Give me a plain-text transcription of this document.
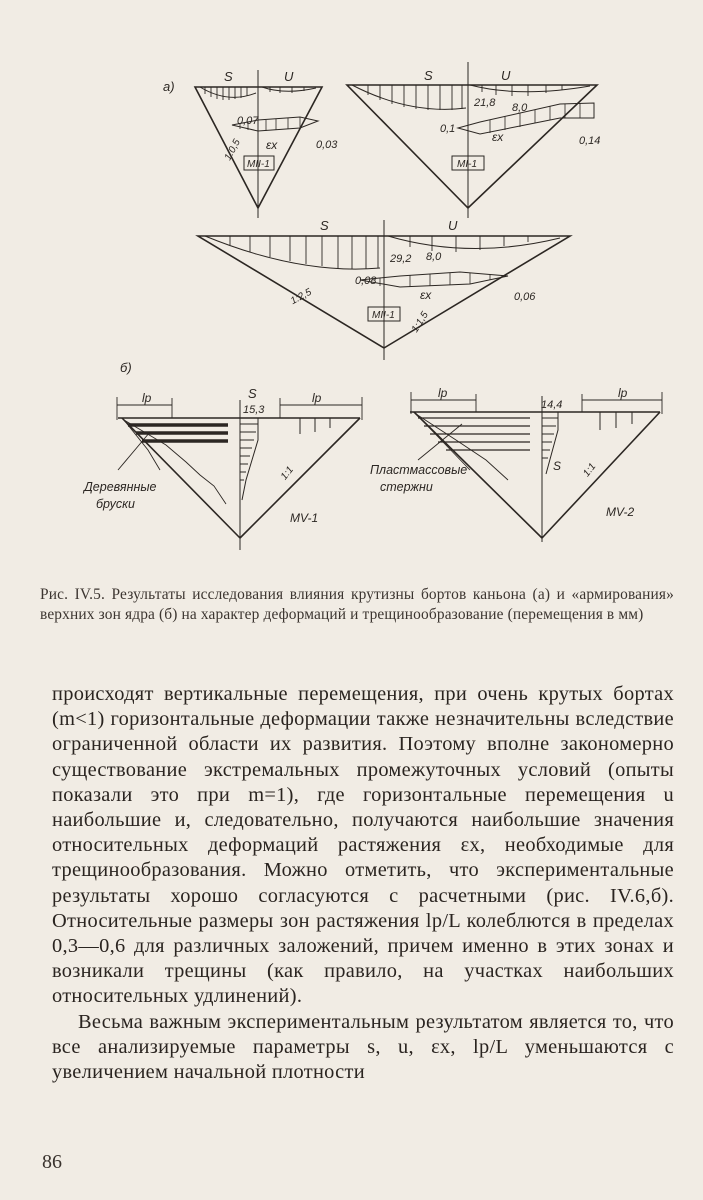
а)
S	U
0,07
0,03
εx
1:0,5
МII-1
S	U
21,8 8,0
0,1
0,14
εx
МI-1
S	U
29,2 8,0
0,08
0,06
εx
1:2,5
1:1,5
МII-1
б)
lp	lp
S
15,3
1:1
Деревянные
бруски
MV-1
lp	lp
14,4
S 1:1
Пластмассовые
стержни
MV-2
Рис. IV.5. Результаты исследования влияния крутизны бортов каньона (а) и «армирования» верхних зон ядра (б) на характер деформаций и трещинообразование (перемещения в мм)

происходят вертикальные перемещения, при очень крутых бортах (m<1) горизонтальные деформации также незначительны вследствие ограниченной области их развития. Поэтому вполне закономерно существование экстремальных промежуточных условий (опыты показали это при m=1), где горизонтальные перемещения u наибольшие и, следовательно, получаются наибольшие значения относительных деформаций растяжения εx, необходимые для трещинообразования. Можно отметить, что экспериментальные результаты хорошо согласуются с расчетными (рис. IV.6,б). Относительные размеры зон растяжения lp/L колеблются в пределах 0,3—0,6 для различных заложений, причем именно в этих зонах и возникали трещины (как правило, на участках наибольших относительных удлинений).

Весьма важным экспериментальным результатом является то, что все анализируемые параметры s, u, εx, lp/L уменьшаются с увеличением начальной плотности

86
